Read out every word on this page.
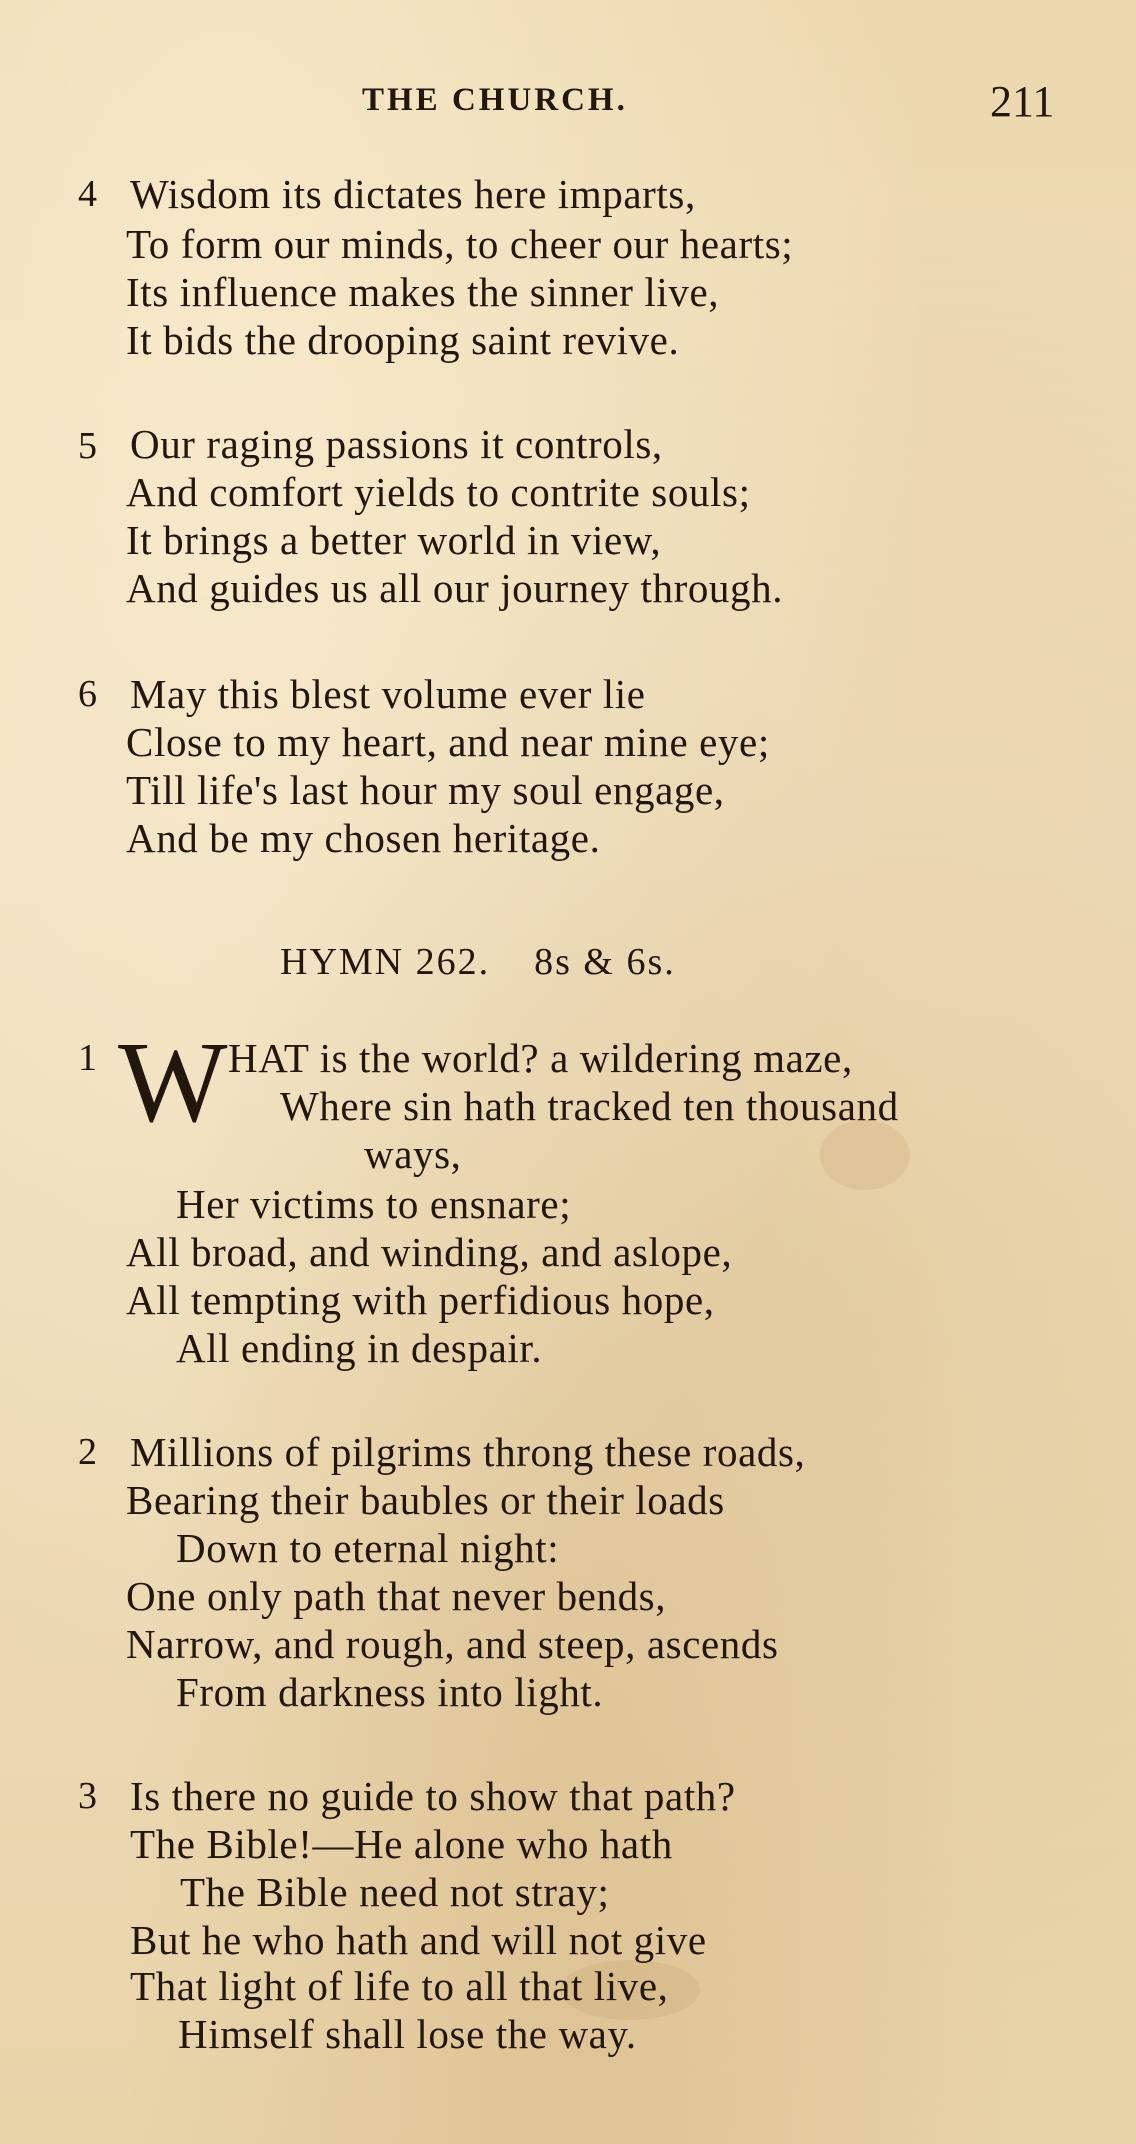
THE CHURCH.	211
4 Wisdom its dictates here imparts,
To form our minds, to cheer our hearts;
Its influence makes the sinner live,
It bids the drooping saint revive.
5 Our raging passions it controls,
And comfort yields to contrite souls;
It brings a better world in view,
And guides us all our journey through.
6 May this blest volume ever lie
Close to my heart, and near mine eye;
Till life's last hour my soul engage,
And be my chosen heritage.
HYMN 262. 8s & 6s.
1 W HAT is the world? a wildering maze,
Where sin hath tracked ten thousand
ways,
Her victims to ensnare;
All broad, and winding, and aslope,
All tempting with perfidious hope,
All ending in despair.
2 Millions of pilgrims throng these roads,
Bearing their baubles or their loads
Down to eternal night:
One only path that never bends,
Narrow, and rough, and steep, ascends
From darkness into light.
3 Is there no guide to show that path?
The Bible!—He alone who hath
The Bible need not stray;
But he who hath and will not give
That light of life to all that live,
Himself shall lose the way.
